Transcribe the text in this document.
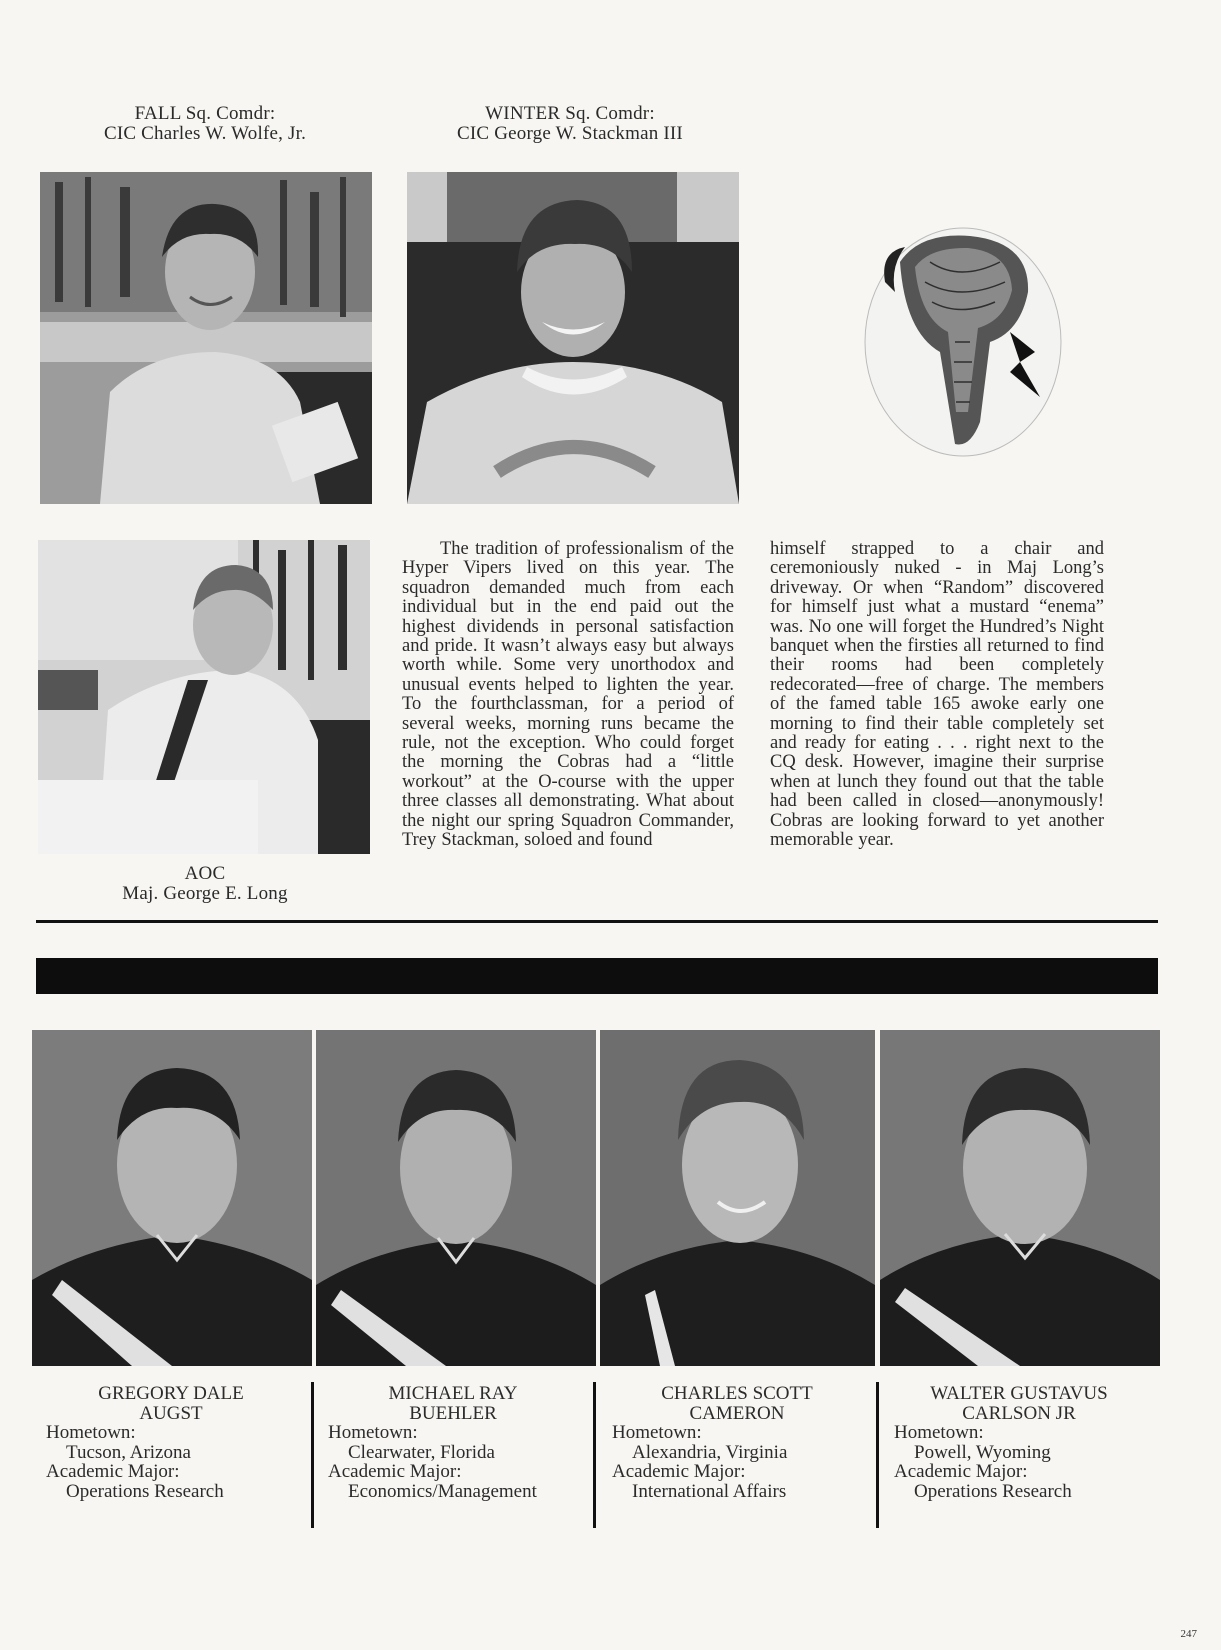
FALL Sq. Comdr:
CIC Charles W. Wolfe, Jr.
WINTER Sq. Comdr:
CIC George W. Stackman III
AOC
Maj. George E. Long

The tradition of professionalism of the Hyper Vipers lived on this year. The squadron demanded much from each individual but in the end paid out the highest dividends in personal satisfaction and pride. It wasn’t always easy but always worth while. Some very unorthodox and unusual events helped to lighten the year. To the fourthclassman, for a period of several weeks, morning runs became the rule, not the exception. Who could forget the morning the Cobras had a “little workout” at the O-course with the upper three classes all demonstrating. What about the night our spring Squadron Commander, Trey Stackman, soloed and found

himself strapped to a chair and ceremoniously nuked - in Maj Long’s driveway. Or when “Random” discovered for himself just what a mustard “enema” was. No one will forget the Hundred’s Night banquet when the firsties all returned to find their rooms had been completely redecorated—free of charge. The members of the famed table 165 awoke early one morning to find their table completely set and ready for eating . . . right next to the CQ desk. However, imagine their surprise when at lunch they found out that the table had been called in closed—anonymously! Cobras are looking forward to yet another memorable year.

GREGORY DALE
AUGST
Hometown:
Tucson, Arizona
Academic Major:
Operations Research
MICHAEL RAY
BUEHLER
Hometown:
Clearwater, Florida
Academic Major:
Economics/Management
CHARLES SCOTT
CAMERON
Hometown:
Alexandria, Virginia
Academic Major:
International Affairs
WALTER GUSTAVUS
CARLSON JR
Hometown:
Powell, Wyoming
Academic Major:
Operations Research
247
